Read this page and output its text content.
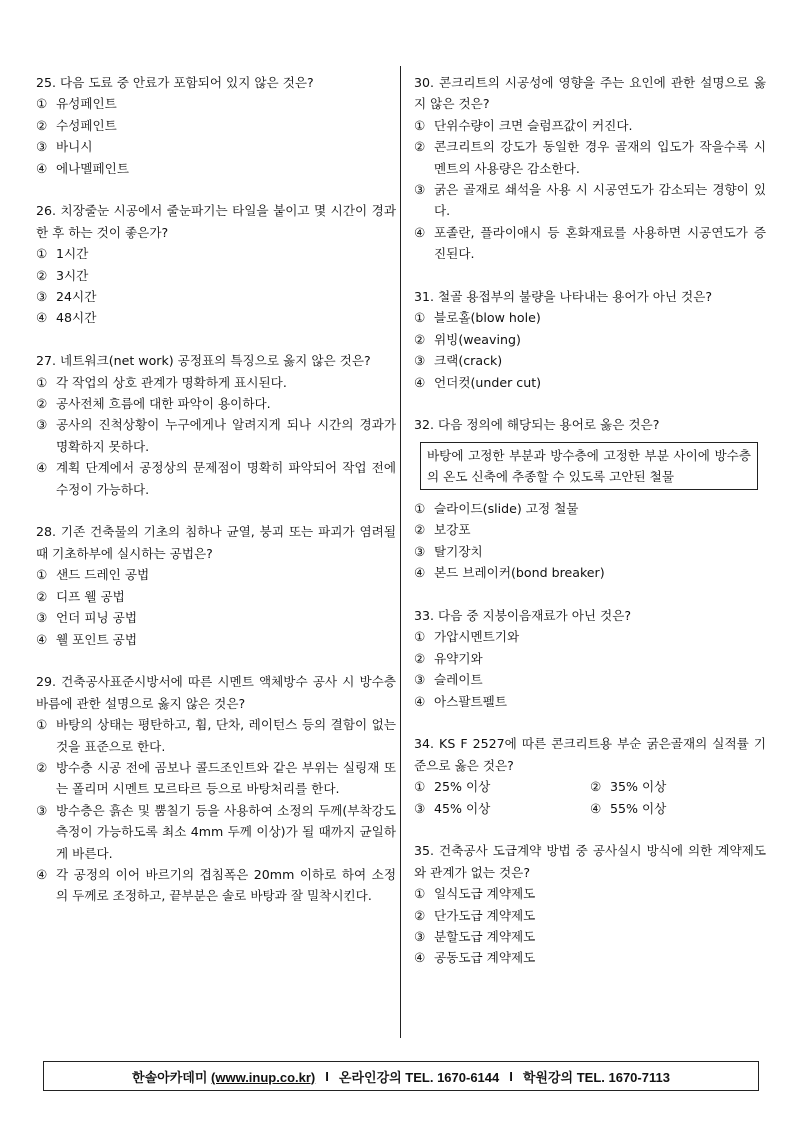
25. 다음 도료 중 안료가 포함되어 있지 않은 것은?
① 유성페인트
② 수성페인트
③ 바니시
④ 에나멜페인트
26. 치장줄눈 시공에서 줄눈파기는 타일을 붙이고 몇 시간이 경과한 후 하는 것이 좋은가?
① 1시간
② 3시간
③ 24시간
④ 48시간
27. 네트워크(net work) 공정표의 특징으로 옳지 않은 것은?
① 각 작업의 상호 관계가 명확하게 표시된다.
② 공사전체 흐름에 대한 파악이 용이하다.
③ 공사의 진척상황이 누구에게나 알려지게 되나 시간의 경과가 명확하지 못하다.
④ 계획 단계에서 공정상의 문제점이 명확히 파악되어 작업 전에 수정이 가능하다.
28. 기존 건축물의 기초의 침하나 균열, 붕괴 또는 파괴가 염려될 때 기초하부에 실시하는 공법은?
① 샌드 드레인 공법
② 디프 웰 공법
③ 언더 피닝 공법
④ 웰 포인트 공법
29. 건축공사표준시방서에 따른 시멘트 액체방수 공사 시 방수층 바름에 관한 설명으로 옳지 않은 것은?
① 바탕의 상태는 평탄하고, 휨, 단차, 레이턴스 등의 결함이 없는 것을 표준으로 한다.
② 방수층 시공 전에 곰보나 콜드조인트와 같은 부위는 실링재 또는 폴리머 시멘트 모르타르 등으로 바탕처리를 한다.
③ 방수층은 흙손 및 뿜칠기 등을 사용하여 소정의 두께(부착강도 측정이 가능하도록 최소 4mm 두께 이상)가 될 때까지 균일하게 바른다.
④ 각 공정의 이어 바르기의 겹침폭은 20mm 이하로 하여 소정의 두께로 조정하고, 끝부분은 솔로 바탕과 잘 밀착시킨다.
30. 콘크리트의 시공성에 영향을 주는 요인에 관한 설명으로 옳지 않은 것은?
① 단위수량이 크면 슬럼프값이 커진다.
② 콘크리트의 강도가 동일한 경우 골재의 입도가 작을수록 시멘트의 사용량은 감소한다.
③ 굵은 골재로 쇄석을 사용 시 시공연도가 감소되는 경향이 있다.
④ 포졸란, 플라이애시 등 혼화재료를 사용하면 시공연도가 증진된다.
31. 철골 용접부의 불량을 나타내는 용어가 아닌 것은?
① 블로홀(blow hole)
② 위빙(weaving)
③ 크랙(crack)
④ 언더컷(under cut)
32. 다음 정의에 해당되는 용어로 옳은 것은?
바탕에 고정한 부분과 방수층에 고정한 부분 사이에 방수층의 온도 신축에 추종할 수 있도록 고안된 철물
① 슬라이드(slide) 고정 철물
② 보강포
③ 탈기장치
④ 본드 브레이커(bond breaker)
33. 다음 중 지붕이음재료가 아닌 것은?
① 가압시멘트기와
② 유약기와
③ 슬레이트
④ 아스팔트펠트
34. KS F 2527에 따른 콘크리트용 부순 굵은골재의 실적률 기준으로 옳은 것은?
① 25% 이상	② 35% 이상
③ 45% 이상	④ 55% 이상
35. 건축공사 도급계약 방법 중 공사실시 방식에 의한 계약제도와 관계가 없는 것은?
① 일식도급 계약제도
② 단가도급 계약제도
③ 분할도급 계약제도
④ 공동도급 계약제도
한솔아카데미 (www.inup.co.kr) I 온라인강의 TEL. 1670-6144 I 학원강의 TEL. 1670-7113
